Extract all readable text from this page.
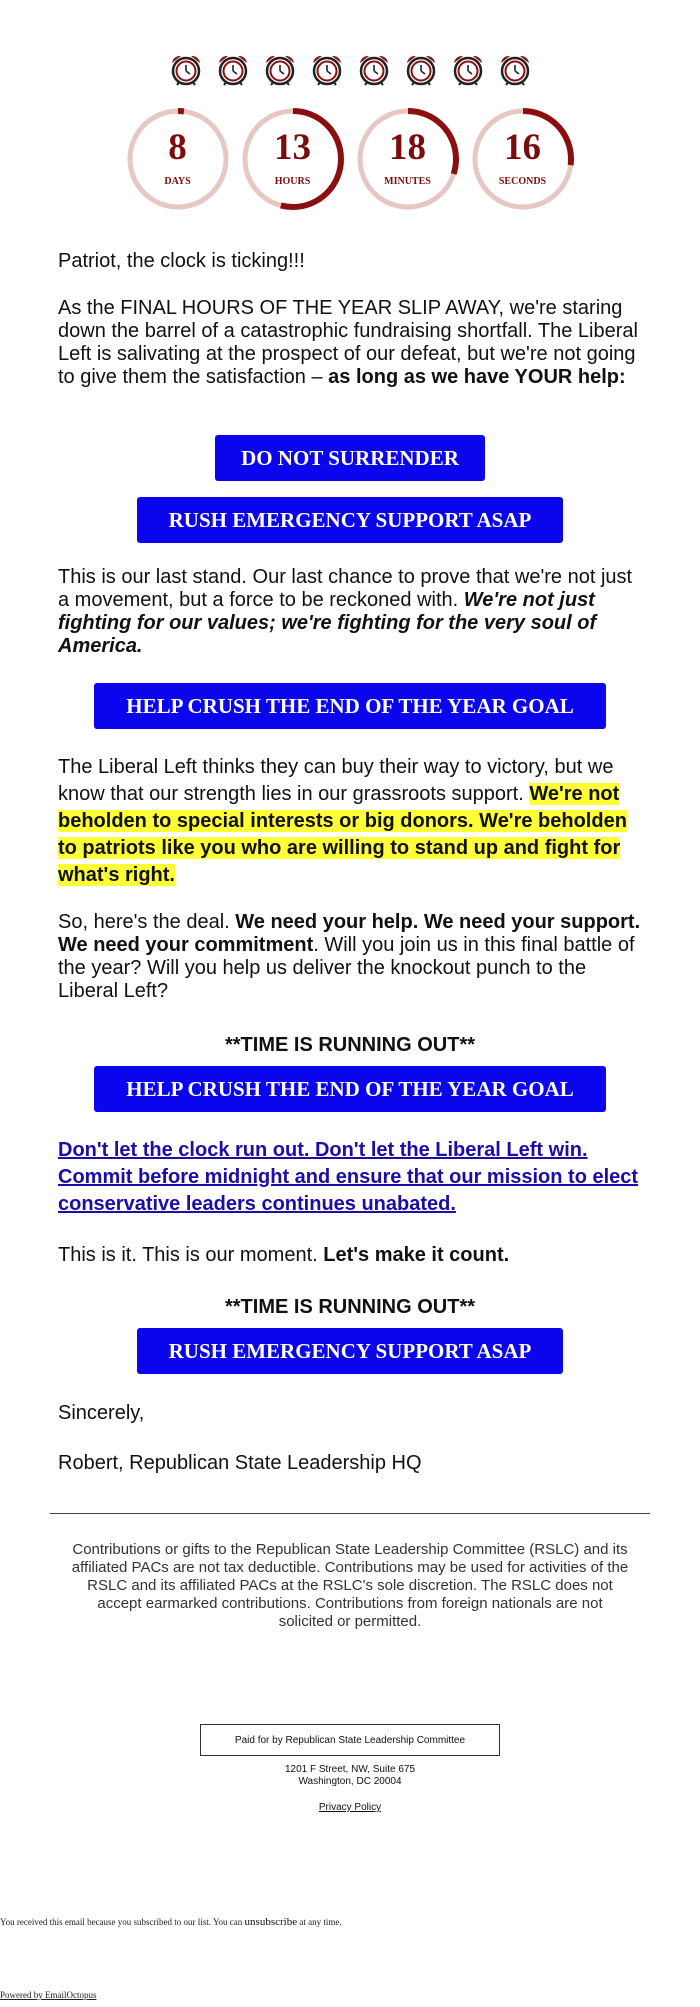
8
DAYS
13
HOURS
18
MINUTES
16
SECONDS

Patriot, the clock is ticking!!!

As the FINAL HOURS OF THE YEAR SLIP AWAY, we're staring down the barrel of a catastrophic fundraising shortfall. The Liberal Left is salivating at the prospect of our defeat, but we're not going to give them the satisfaction – as long as we have YOUR help:

DO NOT SURRENDER
RUSH EMERGENCY SUPPORT ASAP

This is our last stand. Our last chance to prove that we're not just a movement, but a force to be reckoned with. We're not just fighting for our values; we're fighting for the very soul of America.

HELP CRUSH THE END OF THE YEAR GOAL

The Liberal Left thinks they can buy their way to victory, but we know that our strength lies in our grassroots support. We're not beholden to special interests or big donors. We're beholden to patriots like you who are willing to stand up and fight for what's right.

So, here's the deal. We need your help. We need your support. We need your commitment. Will you join us in this final battle of the year? Will you help us deliver the knockout punch to the Liberal Left?

**TIME IS RUNNING OUT**
HELP CRUSH THE END OF THE YEAR GOAL

Don't let the clock run out. Don't let the Liberal Left win. Commit before midnight and ensure that our mission to elect conservative leaders continues unabated.

This is it. This is our moment. Let's make it count.

**TIME IS RUNNING OUT**
RUSH EMERGENCY SUPPORT ASAP

Sincerely,

Robert, Republican State Leadership HQ

Contributions or gifts to the Republican State Leadership Committee (RSLC) and its affiliated PACs are not tax deductible. Contributions may be used for activities of the RSLC and its affiliated PACs at the RSLC's sole discretion. The RSLC does not accept earmarked contributions. Contributions from foreign nationals are not solicited or permitted.
Paid for by Republican State Leadership Committee
1201 F Street, NW, Suite 675
Washington, DC 20004
Privacy Policy
You received this email because you subscribed to our list. You can unsubscribe at any time.
Powered by EmailOctopus
